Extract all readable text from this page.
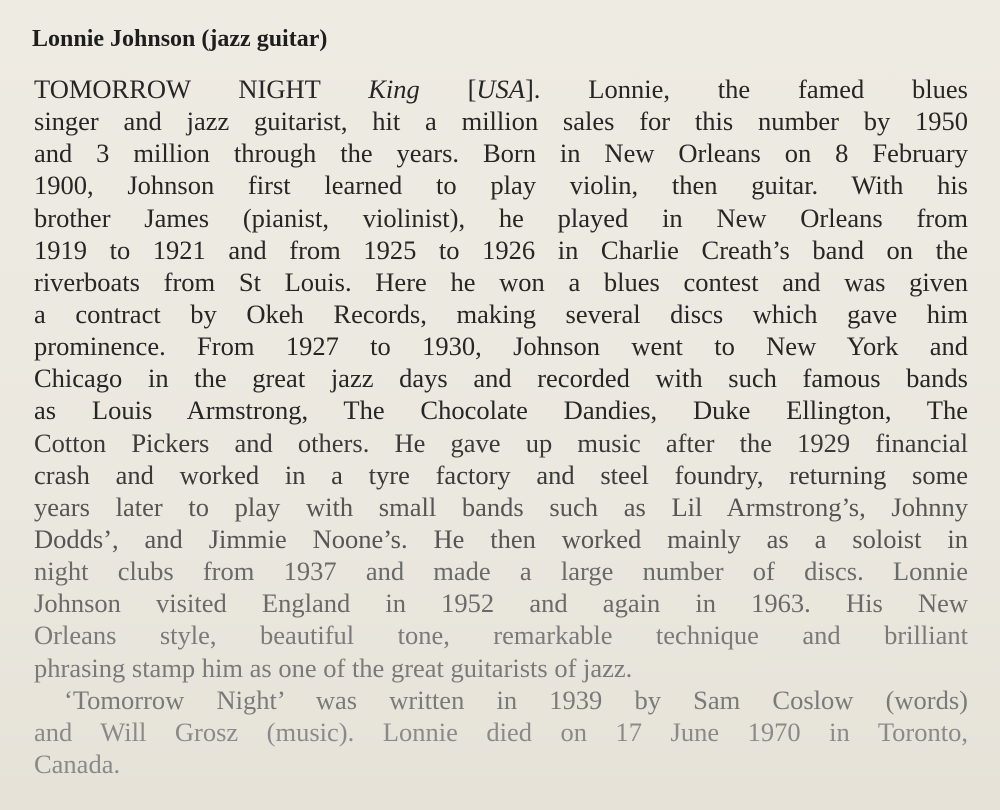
Lonnie Johnson (jazz guitar)
TOMORROW NIGHT King [USA]. Lonnie, the famed blues
singer and jazz guitarist, hit a million sales for this number by 1950
and 3 million through the years. Born in New Orleans on 8 February
1900, Johnson first learned to play violin, then guitar. With his
brother James (pianist, violinist), he played in New Orleans from
1919 to 1921 and from 1925 to 1926 in Charlie Creath’s band on the
riverboats from St Louis. Here he won a blues contest and was given
a contract by Okeh Records, making several discs which gave him
prominence. From 1927 to 1930, Johnson went to New York and
Chicago in the great jazz days and recorded with such famous bands
as Louis Armstrong, The Chocolate Dandies, Duke Ellington, The
Cotton Pickers and others. He gave up music after the 1929 financial
crash and worked in a tyre factory and steel foundry, returning some
years later to play with small bands such as Lil Armstrong’s, Johnny
Dodds’, and Jimmie Noone’s. He then worked mainly as a soloist in
night clubs from 1937 and made a large number of discs. Lonnie
Johnson visited England in 1952 and again in 1963. His New
Orleans style, beautiful tone, remarkable technique and brilliant
phrasing stamp him as one of the great guitarists of jazz.
‘Tomorrow Night’ was written in 1939 by Sam Coslow (words)
and Will Grosz (music). Lonnie died on 17 June 1970 in Toronto,
Canada.
